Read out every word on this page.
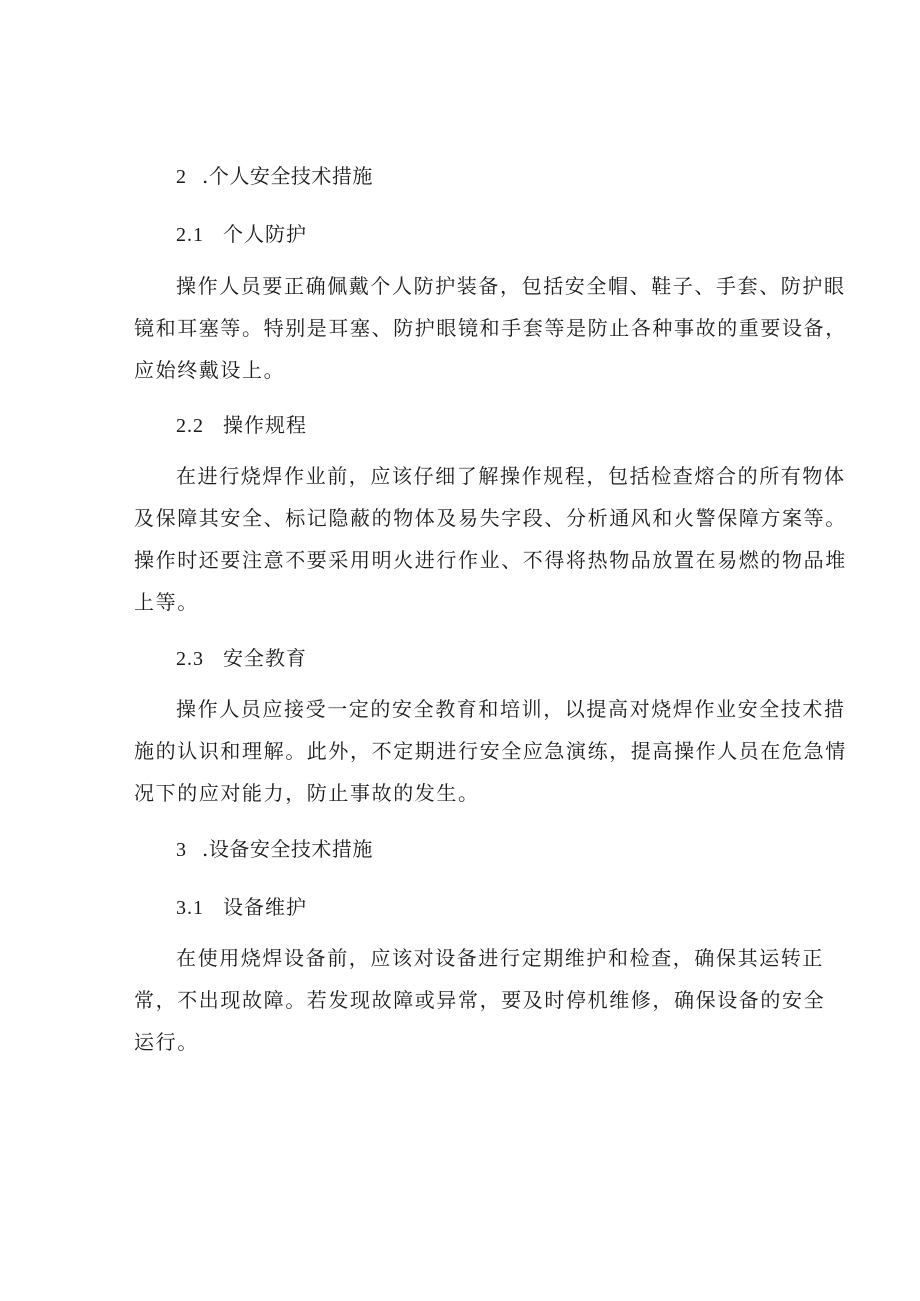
2 .个人安全技术措施
2.1 个人防护
操作人员要正确佩戴个人防护装备，包括安全帽、鞋子、手套、防护眼
镜和耳塞等。特别是耳塞、防护眼镜和手套等是防止各种事故的重要设备，
应始终戴设上。
2.2 操作规程
在进行烧焊作业前，应该仔细了解操作规程，包括检查熔合的所有物体
及保障其安全、标记隐蔽的物体及易失字段、分析通风和火警保障方案等。
操作时还要注意不要采用明火进行作业、不得将热物品放置在易燃的物品堆
上等。
2.3 安全教育
操作人员应接受一定的安全教育和培训，以提高对烧焊作业安全技术措
施的认识和理解。此外，不定期进行安全应急演练，提高操作人员在危急情
况下的应对能力，防止事故的发生。
3 .设备安全技术措施
3.1 设备维护
在使用烧焊设备前，应该对设备进行定期维护和检查，确保其运转正
常，不出现故障。若发现故障或异常，要及时停机维修，确保设备的安全
运行。
